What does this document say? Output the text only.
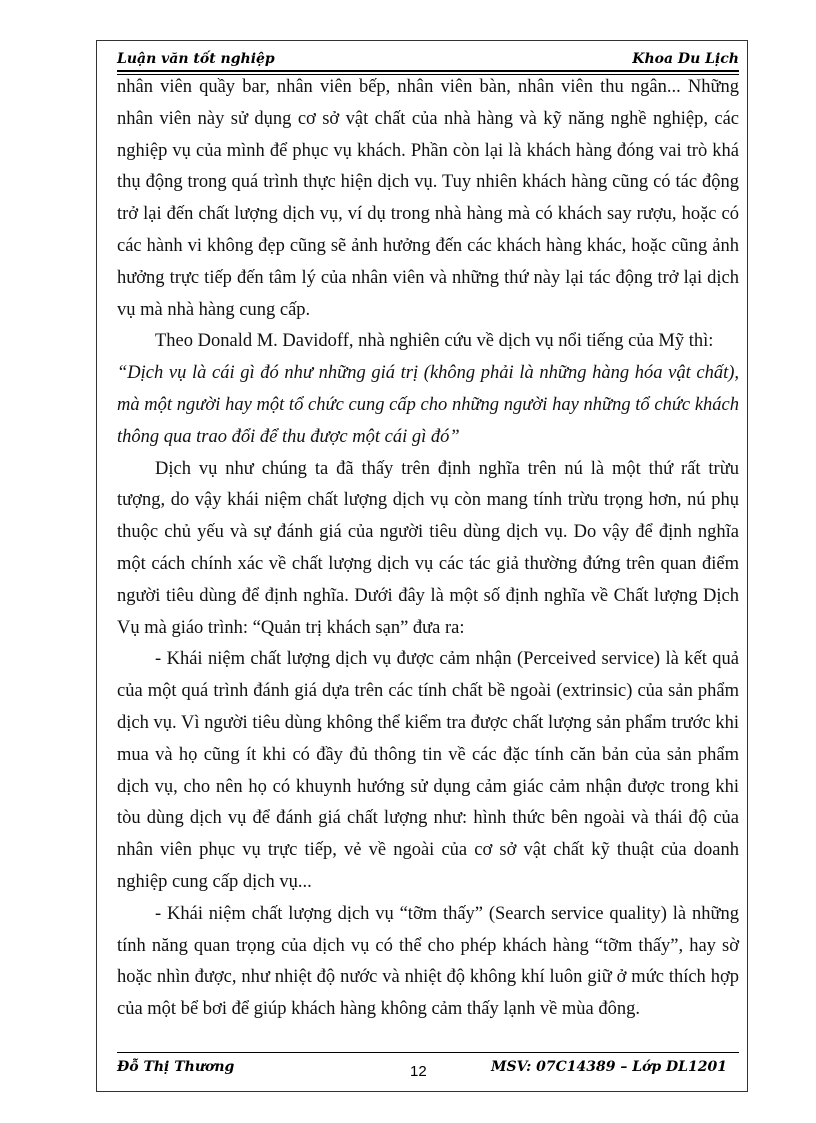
Luận văn tốt nghiệp	Khoa Du Lịch

nhân viên quầy bar, nhân viên bếp, nhân viên bàn, nhân viên thu ngân... Những nhân viên này sử dụng cơ sở vật chất của nhà hàng và kỹ năng nghề nghiệp, các nghiệp vụ của mình để phục vụ khách. Phần còn lại là khách hàng đóng vai trò khá thụ động trong quá trình thực hiện dịch vụ. Tuy nhiên khách hàng cũng có tác động trở lại đến chất lượng dịch vụ, ví dụ trong nhà hàng mà có khách say rượu, hoặc có các hành vi không đẹp cũng sẽ ảnh hưởng đến các khách hàng khác, hoặc cũng ảnh hưởng trực tiếp đến tâm lý của nhân viên và những thứ này lại tác động trở lại dịch vụ mà nhà hàng cung cấp.

Theo Donald M. Davidoff, nhà nghiên cứu về dịch vụ nổi tiếng của Mỹ thì:

“Dịch vụ là cái gì đó như những giá trị (không phải là những hàng hóa vật chất), mà một người hay một tổ chức cung cấp cho những người hay những tổ chức khách thông qua trao đổi để thu được một cái gì đó”

Dịch vụ như chúng ta đã thấy trên định nghĩa trên nú là một thứ rất trừu tượng, do vậy khái niệm chất lượng dịch vụ còn mang tính trừu trọng hơn, nú phụ thuộc chủ yếu và sự đánh giá của người tiêu dùng dịch vụ. Do vậy để định nghĩa một cách chính xác về chất lượng dịch vụ các tác giả thường đứng trên quan điểm người tiêu dùng để định nghĩa. Dưới đây là một số định nghĩa về Chất lượng Dịch Vụ mà giáo trình: “Quản trị khách sạn” đưa ra:

- Khái niệm chất lượng dịch vụ được cảm nhận (Perceived service) là kết quả của một quá trình đánh giá dựa trên các tính chất bề ngoài (extrinsic) của sản phẩm dịch vụ. Vì người tiêu dùng không thể kiểm tra được chất lượng sản phẩm trước khi mua và họ cũng ít khi có đầy đủ thông tin về các đặc tính căn bản của sản phẩm dịch vụ, cho nên họ có khuynh hướng sử dụng cảm giác cảm nhận được trong khi tòu dùng dịch vụ để đánh giá chất lượng như: hình thức bên ngoài và thái độ của nhân viên phục vụ trực tiếp, vẻ về ngoài của cơ sở vật chất kỹ thuật của doanh nghiệp cung cấp dịch vụ...

- Khái niệm chất lượng dịch vụ “tỡm thấy” (Search service quality) là những tính năng quan trọng của dịch vụ có thể cho phép khách hàng “tỡm thấy”, hay sờ hoặc nhìn được, như nhiệt độ nước và nhiệt độ không khí luôn giữ ở mức thích hợp của một bể bơi để giúp khách hàng không cảm thấy lạnh về mùa đông.

Đỗ Thị Thương	12	MSV: 07C14389 – Lớp DL1201
